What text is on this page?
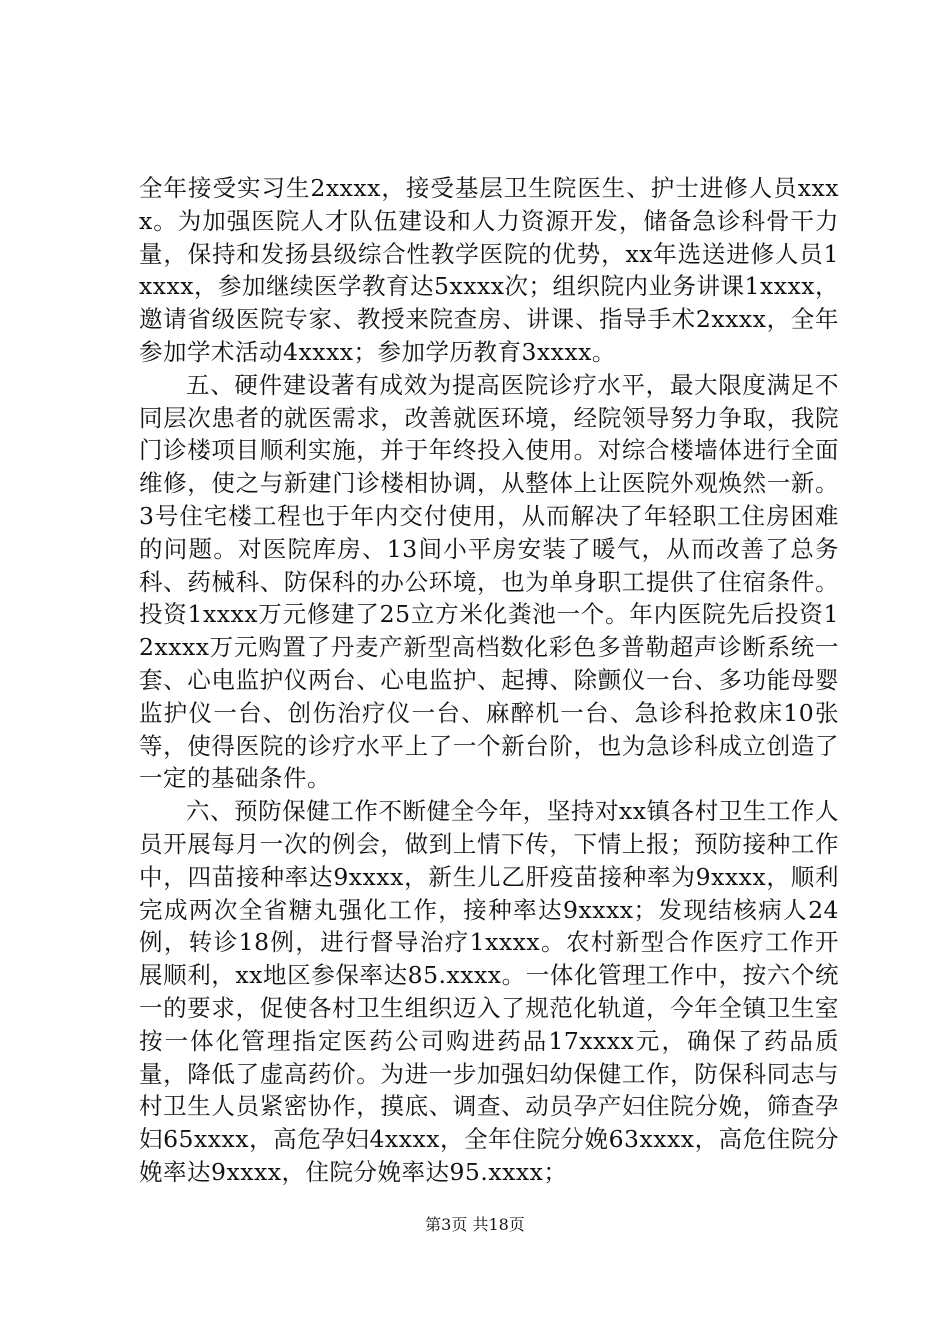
全年接受实习生2xxxx，接受基层卫生院医生、护士进修人员xxxx。为加强医院人才队伍建设和人力资源开发，储备急诊科骨干力量，保持和发扬县级综合性教学医院的优势，xx年选送进修人员1xxxx，参加继续医学教育达5xxxx次；组织院内业务讲课1xxxx，邀请省级医院专家、教授来院查房、讲课、指导手术2xxxx，全年参加学术活动4xxxx；参加学历教育3xxxx。

五、硬件建设著有成效为提高医院诊疗水平，最大限度满足不同层次患者的就医需求，改善就医环境，经院领导努力争取，我院门诊楼项目顺利实施，并于年终投入使用。对综合楼墙体进行全面维修，使之与新建门诊楼相协调，从整体上让医院外观焕然一新。3号住宅楼工程也于年内交付使用，从而解决了年轻职工住房困难的问题。对医院库房、13间小平房安装了暖气，从而改善了总务科、药械科、防保科的办公环境，也为单身职工提供了住宿条件。投资1xxxx万元修建了25立方米化粪池一个。年内医院先后投资12xxxx万元购置了丹麦产新型高档数化彩色多普勒超声诊断系统一套、心电监护仪两台、心电监护、起搏、除颤仪一台、多功能母婴监护仪一台、创伤治疗仪一台、麻醉机一台、急诊科抢救床10张等，使得医院的诊疗水平上了一个新台阶，也为急诊科成立创造了一定的基础条件。

六、预防保健工作不断健全今年，坚持对xx镇各村卫生工作人员开展每月一次的例会，做到上情下传，下情上报；预防接种工作中，四苗接种率达9xxxx，新生儿乙肝疫苗接种率为9xxxx，顺利完成两次全省糖丸强化工作，接种率达9xxxx；发现结核病人24例，转诊18例，进行督导治疗1xxxx。农村新型合作医疗工作开展顺利，xx地区参保率达85.xxxx。一体化管理工作中，按六个统一的要求，促使各村卫生组织迈入了规范化轨道，今年全镇卫生室按一体化管理指定医药公司购进药品17xxxx元，确保了药品质量，降低了虚高药价。为进一步加强妇幼保健工作，防保科同志与村卫生人员紧密协作，摸底、调查、动员孕产妇住院分娩，筛查孕妇65xxxx，高危孕妇4xxxx，全年住院分娩63xxxx，高危住院分娩率达9xxxx，住院分娩率达95.xxxx；

第3页 共18页
